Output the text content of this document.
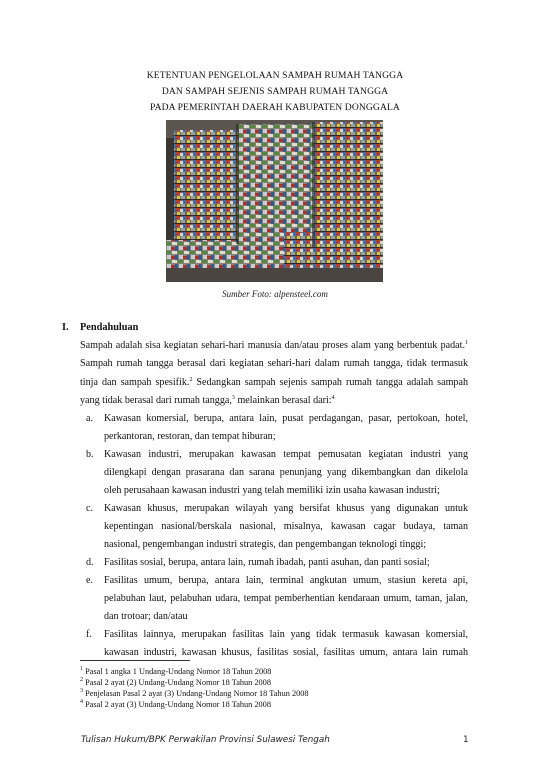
KETENTUAN PENGELOLAAN SAMPAH RUMAH TANGGA
DAN SAMPAH SEJENIS SAMPAH RUMAH TANGGA
PADA PEMERINTAH DAERAH KABUPATEN DONGGALA
Sumber Foto: alpensteel.com
I. Pendahuluan
Sampah adalah sisa kegiatan sehari-hari manusia dan/atau proses alam yang berbentuk padat.$^1$
Sampah rumah tangga berasal dari kegiatan sehari-hari dalam rumah tangga, tidak termasuk
tinja dan sampah spesifik.$^2$ Sedangkan sampah sejenis sampah rumah tangga adalah sampah
yang tidak berasal dari rumah tangga,$^3$ melainkan berasal dari:$^4$
a. Kawasan komersial, berupa, antara lain, pusat perdagangan, pasar, pertokoan, hotel,
perkantoran, restoran, dan tempat hiburan;
b. Kawasan industri, merupakan kawasan tempat pemusatan kegiatan industri yang
dilengkapi dengan prasarana dan sarana penunjang yang dikembangkan dan dikelola
oleh perusahaan kawasan industri yang telah memiliki izin usaha kawasan industri;
c. Kawasan khusus, merupakan wilayah yang bersifat khusus yang digunakan untuk
kepentingan nasional/berskala nasional, misalnya, kawasan cagar budaya, taman
nasional, pengembangan industri strategis, dan pengembangan teknologi tinggi;
d. Fasilitas sosial, berupa, antara lain, rumah ibadah, panti asuhan, dan panti sosial;
e. Fasilitas umum, berupa, antara lain, terminal angkutan umum, stasiun kereta api,
pelabuhan laut, pelabuhan udara, tempat pemberhentian kendaraan umum, taman, jalan,
dan trotoar; dan/atau
f. Fasilitas lainnya, merupakan fasilitas lain yang tidak termasuk kawasan komersial,
kawasan industri, kawasan khusus, fasilitas sosial, fasilitas umum, antara lain rumah
$^1$ Pasal 1 angka 1 Undang-Undang Nomor 18 Tahun 2008
$^2$ Pasal 2 ayat (2) Undang-Undang Nomor 18 Tahun 2008
$^3$ Penjelasan Pasal 2 ayat (3) Undang-Undang Nomor 18 Tahun 2008
$^4$ Pasal 2 ayat (3) Undang-Undang Nomor 18 Tahun 2008
Tulisan Hukum/BPK Perwakilan Provinsi Sulawesi Tengah	1
